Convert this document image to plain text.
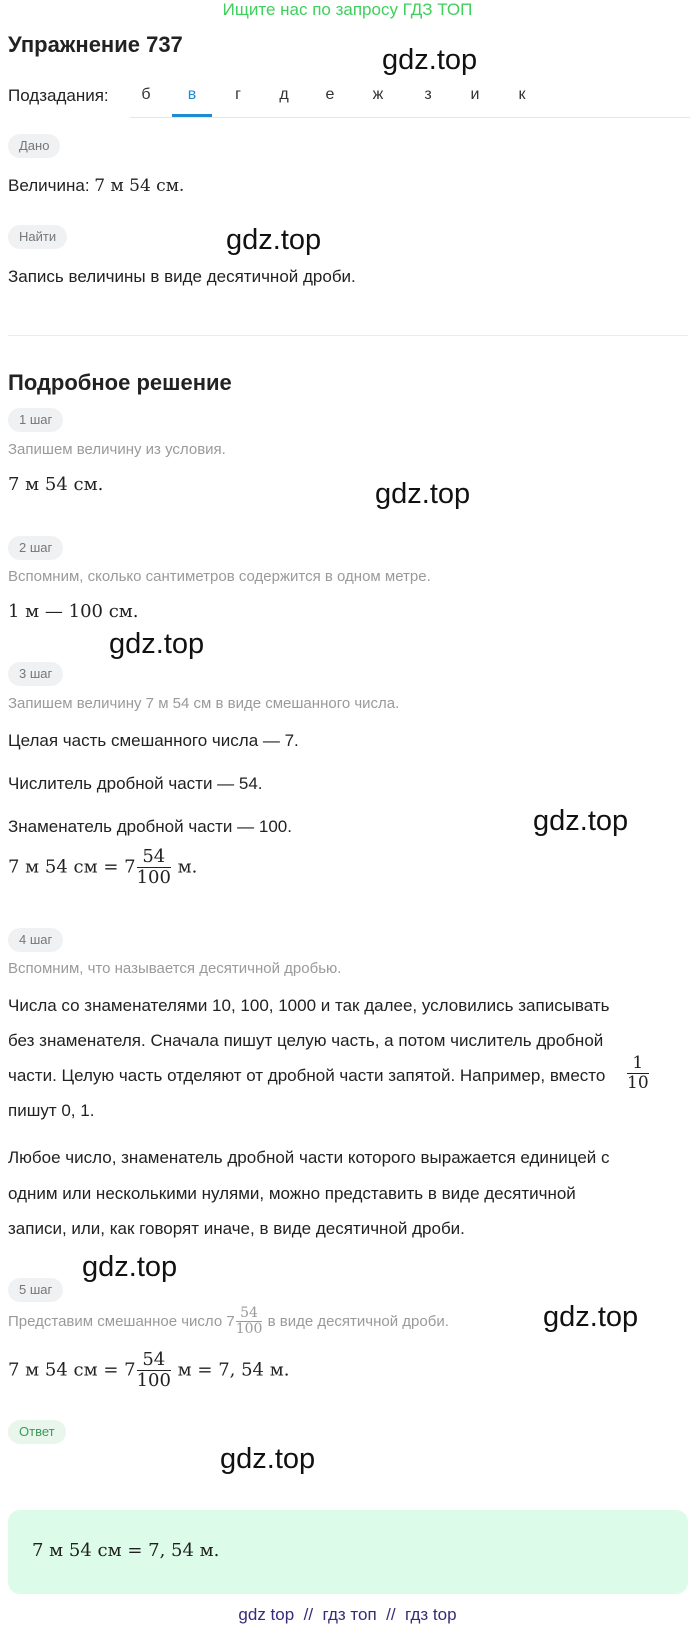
Ищите нас по запросу ГДЗ ТОП
Упражнение 737	gdz.top
Подзадания:	б	в	г	д	е	ж	з	и	к
Дано
Величина: 7 м 54 см.
Найти	gdz.top
Запись величины в виде десятичной дроби.
Подробное решение
1 шаг
Запишем величину из условия.
7 м 54 см.	gdz.top
2 шаг
Вспомним, сколько сантиметров содержится в одном метре.
1 м — 100 см.
gdz.top
3 шаг
Запишем величину 7 м 54 см в виде смешанного числа.
Целая часть смешанного числа — 7.
Числитель дробной части — 54.
Знаменатель дробной части — 100.	gdz.top
7 м 54 см = $7 \frac{54}{100} м$.
4 шаг
Вспомним, что называется десятичной дробью.
Числа со знаменателями 10, 100, 1000 и так далее, условились записывать
без знаменателя. Сначала пишут целую часть, а потом числитель дробной
части. Целую часть отделяют от дробной части запятой. Например, вместо $\frac{1}{10}$
пишут 0, 1.
Любое число, знаменатель дробной части которого выражается единицей с
одним или несколькими нулями, можно представить в виде десятичной
записи, или, как говорят иначе, в виде десятичной дроби.
gdz.top
5 шаг
gdz.top
Представим смешанное число $7 \frac{54}{100}$ в виде десятичной дроби.
7 м 54 см = $7 \frac{54}{100}$ м = 7, 54 м.
Ответ
7 м 54 см = 7, 54 м.
gdz.top
gdz top // гдз топ // гдз top
